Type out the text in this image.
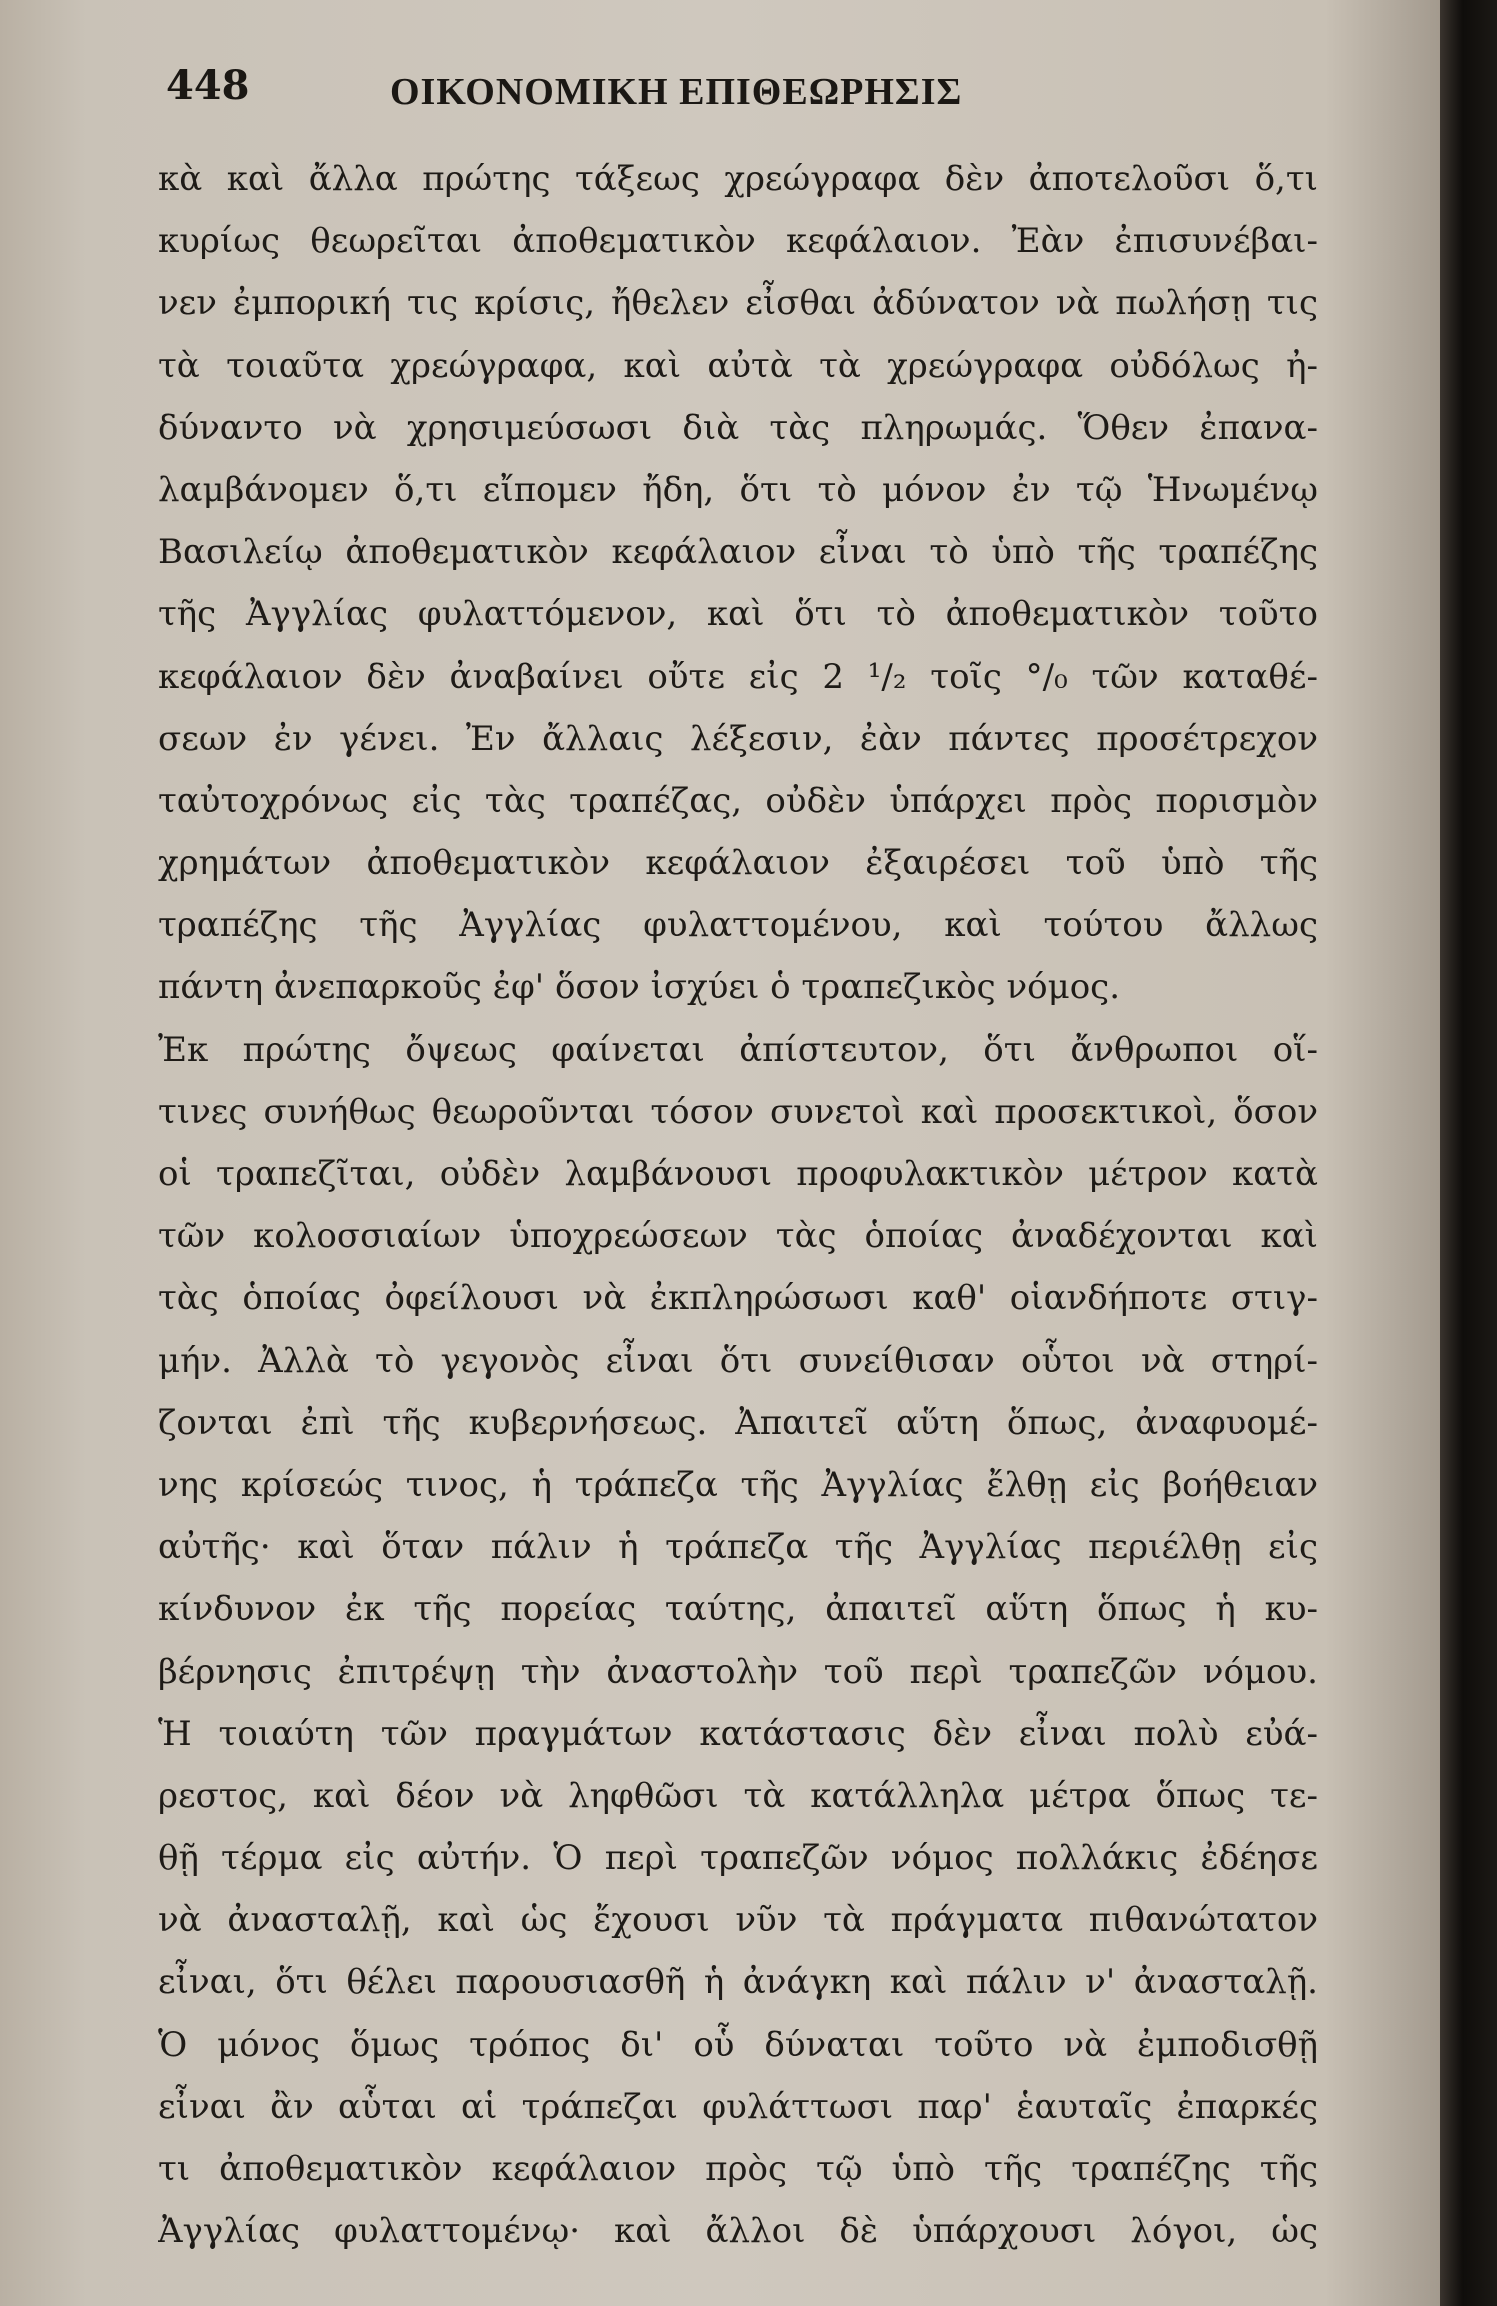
448	ΟΙΚΟΝΟΜΙΚΗ ΕΠΙΘΕΩΡΗΣΙΣ
κὰ καὶ ἄλλα πρώτης τάξεως χρεώγραφα δὲν ἀποτελοῦσι ὅ,τι
κυρίως θεωρεῖται ἀποθεματικὸν κεφάλαιον. Ἐὰν ἐπισυνέβαι-
νεν ἐμπορική τις κρίσις, ἤθελεν εἶσθαι ἀδύνατον νὰ πωλήσῃ τις
τὰ τοιαῦτα χρεώγραφα, καὶ αὐτὰ τὰ χρεώγραφα οὐδόλως ἠ-
δύναντο νὰ χρησιμεύσωσι διὰ τὰς πληρωμάς. Ὅθεν ἐπανα-
λαμβάνομεν ὅ,τι εἴπομεν ἤδη, ὅτι τὸ μόνον ἐν τῷ Ἡνωμένῳ
Βασιλείῳ ἀποθεματικὸν κεφάλαιον εἶναι τὸ ὑπὸ τῆς τραπέζης
τῆς Ἀγγλίας φυλαττόμενον, καὶ ὅτι τὸ ἀποθεματικὸν τοῦτο
κεφάλαιον δὲν ἀναβαίνει οὔτε εἰς 2 ¹/₂ τοῖς °/₀ τῶν καταθέ-
σεων ἐν γένει. Ἐν ἄλλαις λέξεσιν, ἐὰν πάντες προσέτρεχον
ταὐτοχρόνως εἰς τὰς τραπέζας, οὐδὲν ὑπάρχει πρὸς πορισμὸν
χρημάτων ἀποθεματικὸν κεφάλαιον ἐξαιρέσει τοῦ ὑπὸ τῆς
τραπέζης τῆς Ἀγγλίας φυλαττομένου, καὶ τούτου ἄλλως
πάντη ἀνεπαρκοῦς ἐφ' ὅσον ἰσχύει ὁ τραπεζικὸς νόμος.
Ἐκ πρώτης ὄψεως φαίνεται ἀπίστευτον, ὅτι ἄνθρωποι οἵ-
τινες συνήθως θεωροῦνται τόσον συνετοὶ καὶ προσεκτικοὶ, ὅσον
οἱ τραπεζῖται, οὐδὲν λαμβάνουσι προφυλακτικὸν μέτρον κατὰ
τῶν κολοσσιαίων ὑποχρεώσεων τὰς ὁποίας ἀναδέχονται καὶ
τὰς ὁποίας ὀφείλουσι νὰ ἐκπληρώσωσι καθ' οἱανδήποτε στιγ-
μήν. Ἀλλὰ τὸ γεγονὸς εἶναι ὅτι συνείθισαν οὗτοι νὰ στηρί-
ζονται ἐπὶ τῆς κυβερνήσεως. Ἀπαιτεῖ αὕτη ὅπως, ἀναφυομέ-
νης κρίσεώς τινος, ἡ τράπεζα τῆς Ἀγγλίας ἔλθῃ εἰς βοήθειαν
αὐτῆς· καὶ ὅταν πάλιν ἡ τράπεζα τῆς Ἀγγλίας περιέλθῃ εἰς
κίνδυνον ἐκ τῆς πορείας ταύτης, ἀπαιτεῖ αὕτη ὅπως ἡ κυ-
βέρνησις ἐπιτρέψῃ τὴν ἀναστολὴν τοῦ περὶ τραπεζῶν νόμου.
Ἡ τοιαύτη τῶν πραγμάτων κατάστασις δὲν εἶναι πολὺ εὐά-
ρεστος, καὶ δέον νὰ ληφθῶσι τὰ κατάλληλα μέτρα ὅπως τε-
θῇ τέρμα εἰς αὐτήν. Ὁ περὶ τραπεζῶν νόμος πολλάκις ἐδέησε
νὰ ἀνασταλῇ, καὶ ὡς ἔχουσι νῦν τὰ πράγματα πιθανώτατον
εἶναι, ὅτι θέλει παρουσιασθῆ ἡ ἀνάγκη καὶ πάλιν ν' ἀνασταλῇ.
Ὁ μόνος ὅμως τρόπος δι' οὗ δύναται τοῦτο νὰ ἐμποδισθῇ
εἶναι ἂν αὗται αἱ τράπεζαι φυλάττωσι παρ' ἑαυταῖς ἐπαρκές
τι ἀποθεματικὸν κεφάλαιον πρὸς τῷ ὑπὸ τῆς τραπέζης τῆς
Ἀγγλίας φυλαττομένῳ· καὶ ἄλλοι δὲ ὑπάρχουσι λόγοι, ὡς
